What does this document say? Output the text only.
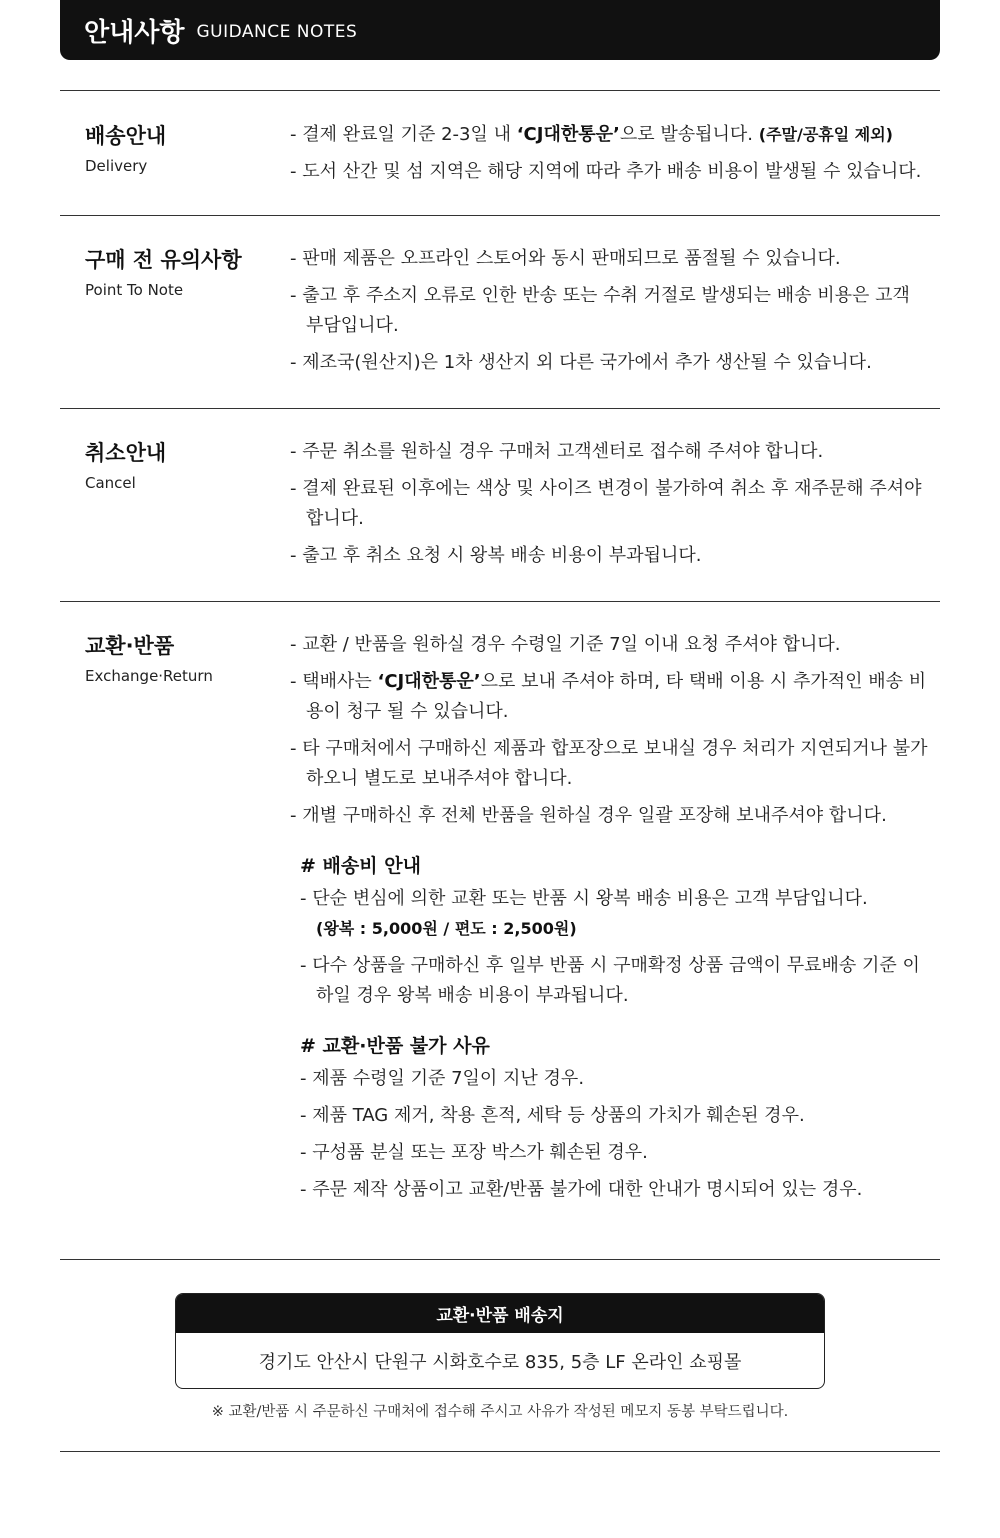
안내사항 GUIDANCE NOTES
배송안내
Delivery
- 결제 완료일 기준 2-3일 내 ‘CJ대한통운’으로 발송됩니다. (주말/공휴일 제외)
- 도서 산간 및 섬 지역은 해당 지역에 따라 추가 배송 비용이 발생될 수 있습니다.
구매 전 유의사항
Point To Note
- 판매 제품은 오프라인 스토어와 동시 판매되므로 품절될 수 있습니다.
- 출고 후 주소지 오류로 인한 반송 또는 수취 거절로 발생되는 배송 비용은 고객 부담입니다.
- 제조국(원산지)은 1차 생산지 외 다른 국가에서 추가 생산될 수 있습니다.
취소안내
Cancel
- 주문 취소를 원하실 경우 구매처 고객센터로 접수해 주셔야 합니다.
- 결제 완료된 이후에는 색상 및 사이즈 변경이 불가하여 취소 후 재주문해 주셔야 합니다.
- 출고 후 취소 요청 시 왕복 배송 비용이 부과됩니다.
교환·반품
Exchange·Return
- 교환 / 반품을 원하실 경우 수령일 기준 7일 이내 요청 주셔야 합니다.
- 택배사는 ‘CJ대한통운’으로 보내 주셔야 하며, 타 택배 이용 시 추가적인 배송 비용이 청구 될 수 있습니다.
- 타 구매처에서 구매하신 제품과 합포장으로 보내실 경우 처리가 지연되거나 불가하오니 별도로 보내주셔야 합니다.
- 개별 구매하신 후 전체 반품을 원하실 경우 일괄 포장해 보내주셔야 합니다.
# 배송비 안내
- 단순 변심에 의한 교환 또는 반품 시 왕복 배송 비용은 고객 부담입니다.
(왕복 : 5,000원 / 편도 : 2,500원)
- 다수 상품을 구매하신 후 일부 반품 시 구매확정 상품 금액이 무료배송 기준 이하일 경우 왕복 배송 비용이 부과됩니다.
# 교환·반품 불가 사유
- 제품 수령일 기준 7일이 지난 경우.
- 제품 TAG 제거, 착용 흔적, 세탁 등 상품의 가치가 훼손된 경우.
- 구성품 분실 또는 포장 박스가 훼손된 경우.
- 주문 제작 상품이고 교환/반품 불가에 대한 안내가 명시되어 있는 경우.
교환·반품 배송지
경기도 안산시 단원구 시화호수로 835, 5층 LF 온라인 쇼핑몰
※ 교환/반품 시 주문하신 구매처에 접수해 주시고 사유가 작성된 메모지 동봉 부탁드립니다.
